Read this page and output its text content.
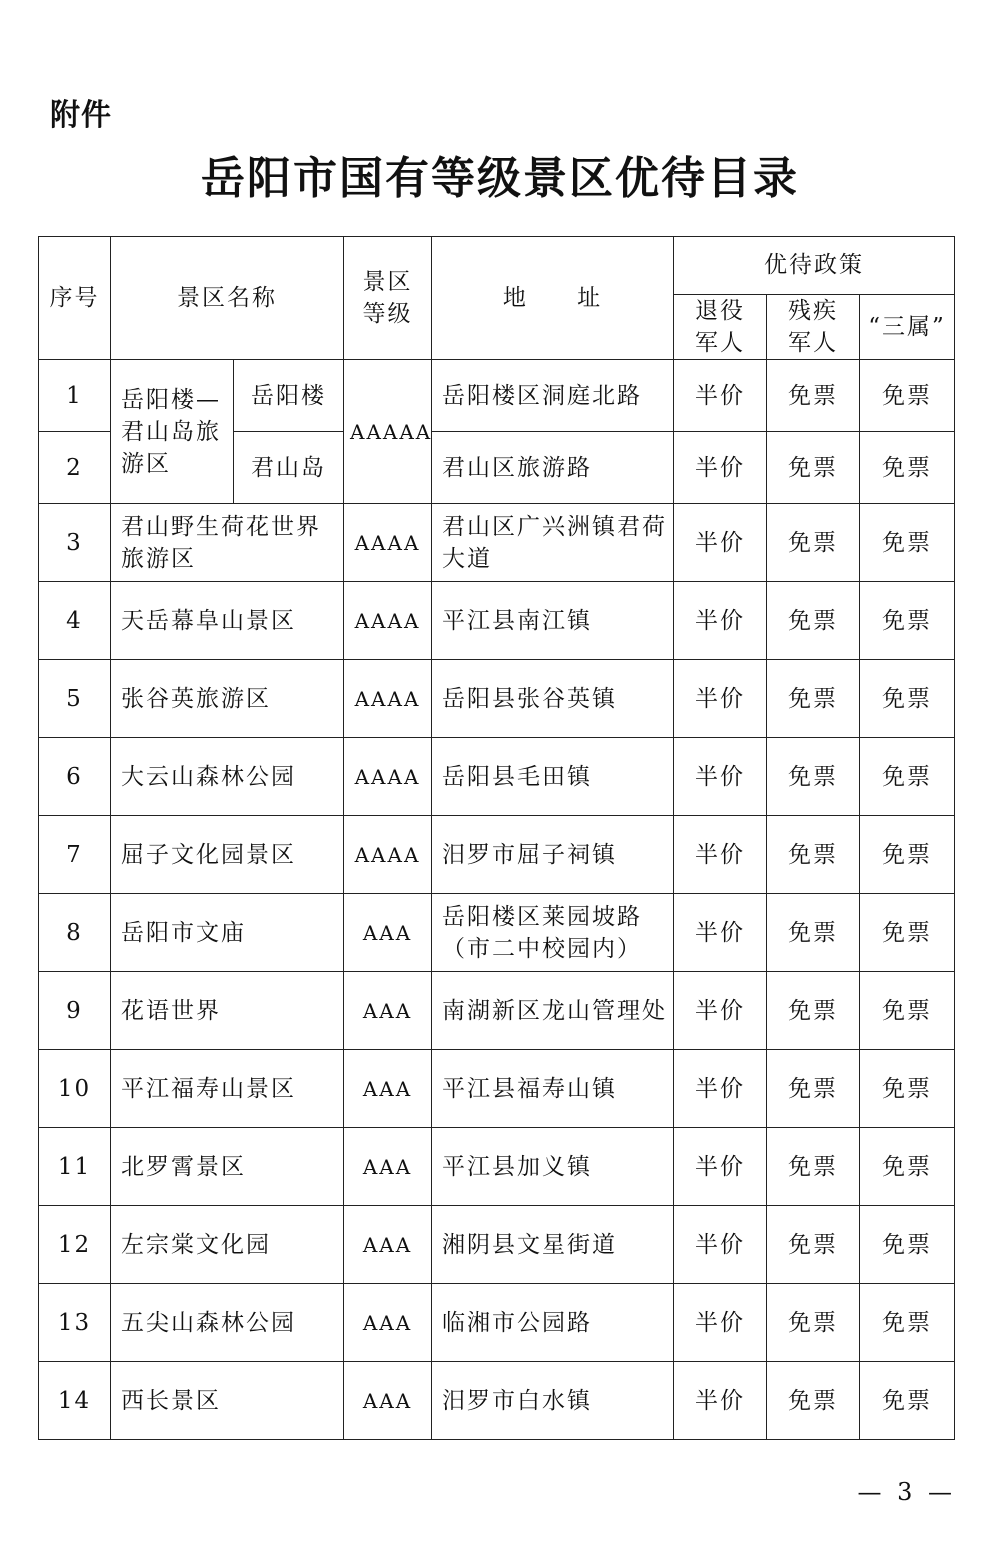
附件
岳阳市国有等级景区优待目录
序号	景区名称		景区等级	地 址	优待政策		
					退役军人	残疾军人	“三属”
1	岳阳楼—君山岛旅游区	岳阳楼	AAAAA	岳阳楼区洞庭北路	半价	免票	免票
2		君山岛		君山区旅游路	半价	免票	免票
3	君山野生荷花世界旅游区		AAAA	君山区广兴洲镇君荷大道	半价	免票	免票
4	天岳幕阜山景区		AAAA	平江县南江镇	半价	免票	免票
5	张谷英旅游区		AAAA	岳阳县张谷英镇	半价	免票	免票
6	大云山森林公园		AAAA	岳阳县毛田镇	半价	免票	免票
7	屈子文化园景区		AAAA	汨罗市屈子祠镇	半价	免票	免票
8	岳阳市文庙		AAA	岳阳楼区莱园坡路（市二中校园内）	半价	免票	免票
9	花语世界		AAA	南湖新区龙山管理处	半价	免票	免票
10	平江福寿山景区		AAA	平江县福寿山镇	半价	免票	免票
11	北罗霄景区		AAA	平江县加义镇	半价	免票	免票
12	左宗棠文化园		AAA	湘阴县文星街道	半价	免票	免票
13	五尖山森林公园		AAA	临湘市公园路	半价	免票	免票
14	西长景区		AAA	汨罗市白水镇	半价	免票	免票
— 3 —
